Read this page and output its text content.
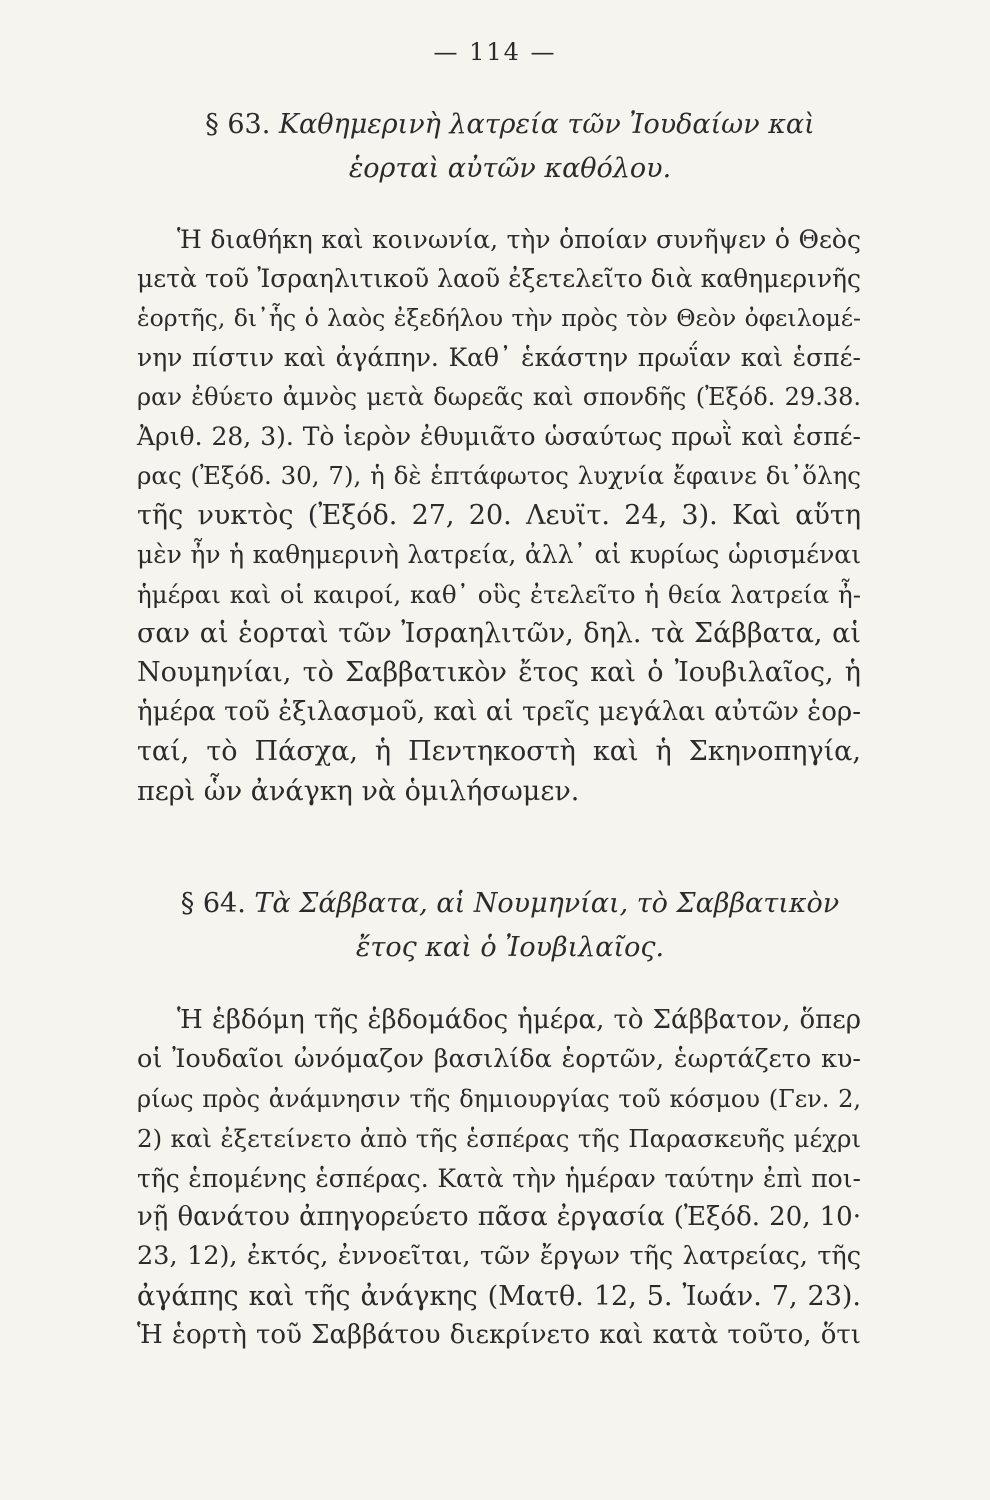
— 114 —
§ 63. Καθημερινὴ λατρεία τῶν Ἰουδαίων καὶ
ἑορταὶ αὐτῶν καθόλου.
Ἡ διαθήκη καὶ κοινωνία, τὴν ὁποίαν συνῆψεν ὁ Θεὸς
μετὰ τοῦ Ἰσραηλιτικοῦ λαοῦ ἐξετελεῖτο διὰ καθημερινῆς
ἑορτῆς, δι᾽ἧς ὁ λαὸς ἐξεδήλου τὴν πρὸς τὸν Θεὸν ὀφειλομέ-
νην πίστιν καὶ ἀγάπην. Καθ᾽ ἑκάστην πρωΐαν καὶ ἑσπέ-
ραν ἐθύετο ἀμνὸς μετὰ δωρεᾶς καὶ σπονδῆς (Ἐξόδ. 29.38.
Ἀριθ. 28, 3). Τὸ ἱερὸν ἐθυμιᾶτο ὡσαύτως πρωῒ καὶ ἑσπέ-
ρας (Ἐξόδ. 30, 7), ἡ δὲ ἑπτάφωτος λυχνία ἔφαινε δι᾽ὅλης
τῆς νυκτὸς (Ἐξόδ. 27, 20. Λευϊτ. 24, 3). Καὶ αὕτη
μὲν ἦν ἡ καθημερινὴ λατρεία, ἀλλ᾽ αἱ κυρίως ὡρισμέναι
ἡμέραι καὶ οἱ καιροί, καθ᾽ οὓς ἐτελεῖτο ἡ θεία λατρεία ἦ-
σαν αἱ ἑορταὶ τῶν Ἰσραηλιτῶν, δηλ. τὰ Σάββατα, αἱ
Νουμηνίαι, τὸ Σαββατικὸν ἔτος καὶ ὁ Ἰουβιλαῖος, ἡ
ἡμέρα τοῦ ἐξιλασμοῦ, καὶ αἱ τρεῖς μεγάλαι αὐτῶν ἑορ-
ταί, τὸ Πάσχα, ἡ Πεντηκοστὴ καὶ ἡ Σκηνοπηγία,
περὶ ὧν ἀνάγκη νὰ ὁμιλήσωμεν.
§ 64. Τὰ Σάββατα, αἱ Νουμηνίαι, τὸ Σαββατικὸν
ἔτος καὶ ὁ Ἰουβιλαῖος.
Ἡ ἑβδόμη τῆς ἑβδομάδος ἡμέρα, τὸ Σάββατον, ὅπερ
οἱ Ἰουδαῖοι ὠνόμαζον βασιλίδα ἑορτῶν, ἑωρτάζετο κυ-
ρίως πρὸς ἀνάμνησιν τῆς δημιουργίας τοῦ κόσμου (Γεν. 2,
2) καὶ ἐξετείνετο ἀπὸ τῆς ἑσπέρας τῆς Παρασκευῆς μέχρι
τῆς ἑπομένης ἑσπέρας. Κατὰ τὴν ἡμέραν ταύτην ἐπὶ ποι-
νῇ θανάτου ἀπηγορεύετο πᾶσα ἐργασία (Ἐξόδ. 20, 10·
23, 12), ἐκτός, ἐννοεῖται, τῶν ἔργων τῆς λατρείας, τῆς
ἀγάπης καὶ τῆς ἀνάγκης (Ματθ. 12, 5. Ἰωάν. 7, 23).
Ἡ ἑορτὴ τοῦ Σαββάτου διεκρίνετο καὶ κατὰ τοῦτο, ὅτι
